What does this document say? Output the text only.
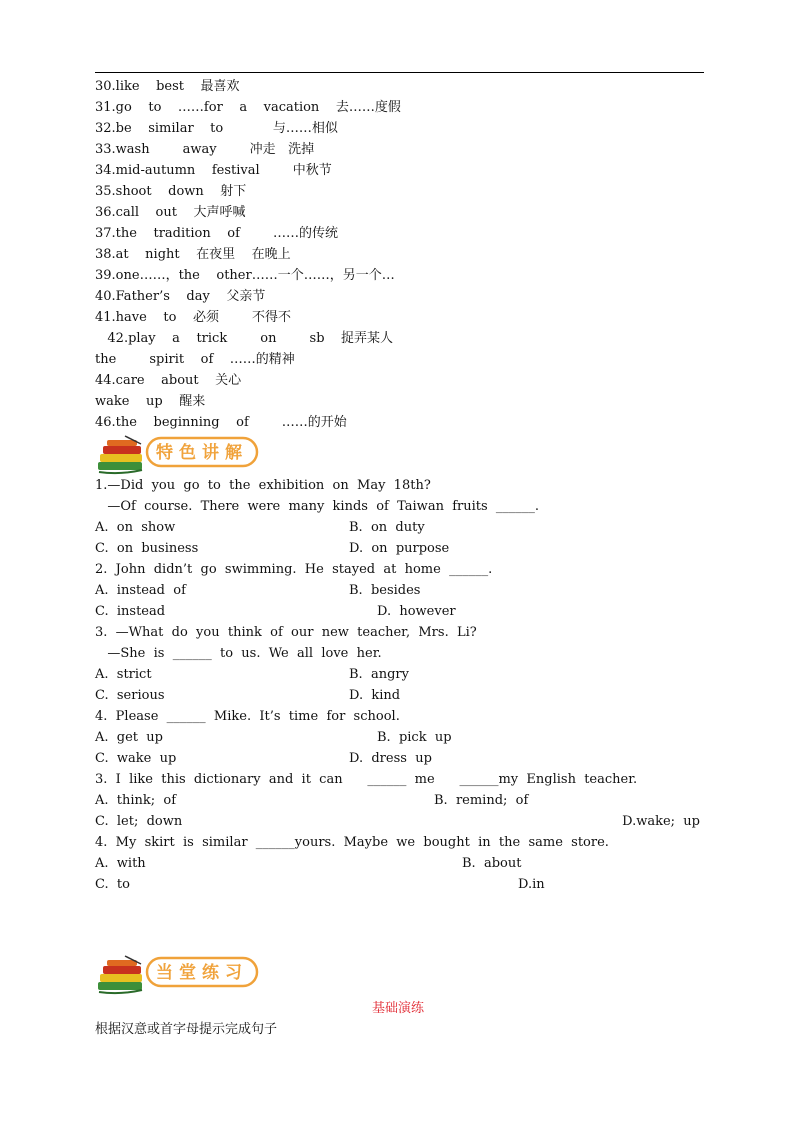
30.like    best    最喜欢
31.go    to    ……for    a    vacation    去……度假
32.be    similar    to            与……相似
33.wash        away        冲走   洗掉
34.mid-autumn    festival        中秋节
35.shoot    down    射下
36.call    out    大声呼喊
37.the    tradition    of        ……的传统
38.at    night    在夜里    在晚上
39.one……，the    other……一个……，另一个…
40.Father’s    day    父亲节
41.have    to    必须        不得不
42.play    a    trick        on        sb    捉弄某人
the        spirit    of    ……的精神
44.care    about    关心
wake    up    醒来
46.the    beginning    of        ……的开始
特色讲解
1.—Did  you  go  to  the  exhibition  on  May  18th?
—Of  course.  There  were  many  kinds  of  Taiwan  fruits  ______.
A.  on  show	B.  on  duty
C.  on  business	D.  on  purpose
2.  John  didn’t  go  swimming.  He  stayed  at  home  ______.
A.  instead  of	B.  besides
C.  instead	D.  however
3.  —What  do  you  think  of  our  new  teacher,  Mrs.  Li?
—She  is  ______  to  us.  We  all  love  her.
A.  strict	B.  angry
C.  serious	D.  kind
4.  Please  ______  Mike.  It’s  time  for  school.
A.  get  up	B.  pick  up
C.  wake  up	D.  dress  up
3.  I  like  this  dictionary  and  it  can      ______  me      ______my  English  teacher.
A.  think;  of	B.  remind;  of
C.  let;  down	D.wake;  up
4.  My  skirt  is  similar  ______yours.  Maybe  we  bought  in  the  same  store.
A.  with	B.  about
C.  to	D.in
当堂练习
基础演练
根据汉意或首字母提示完成句子
